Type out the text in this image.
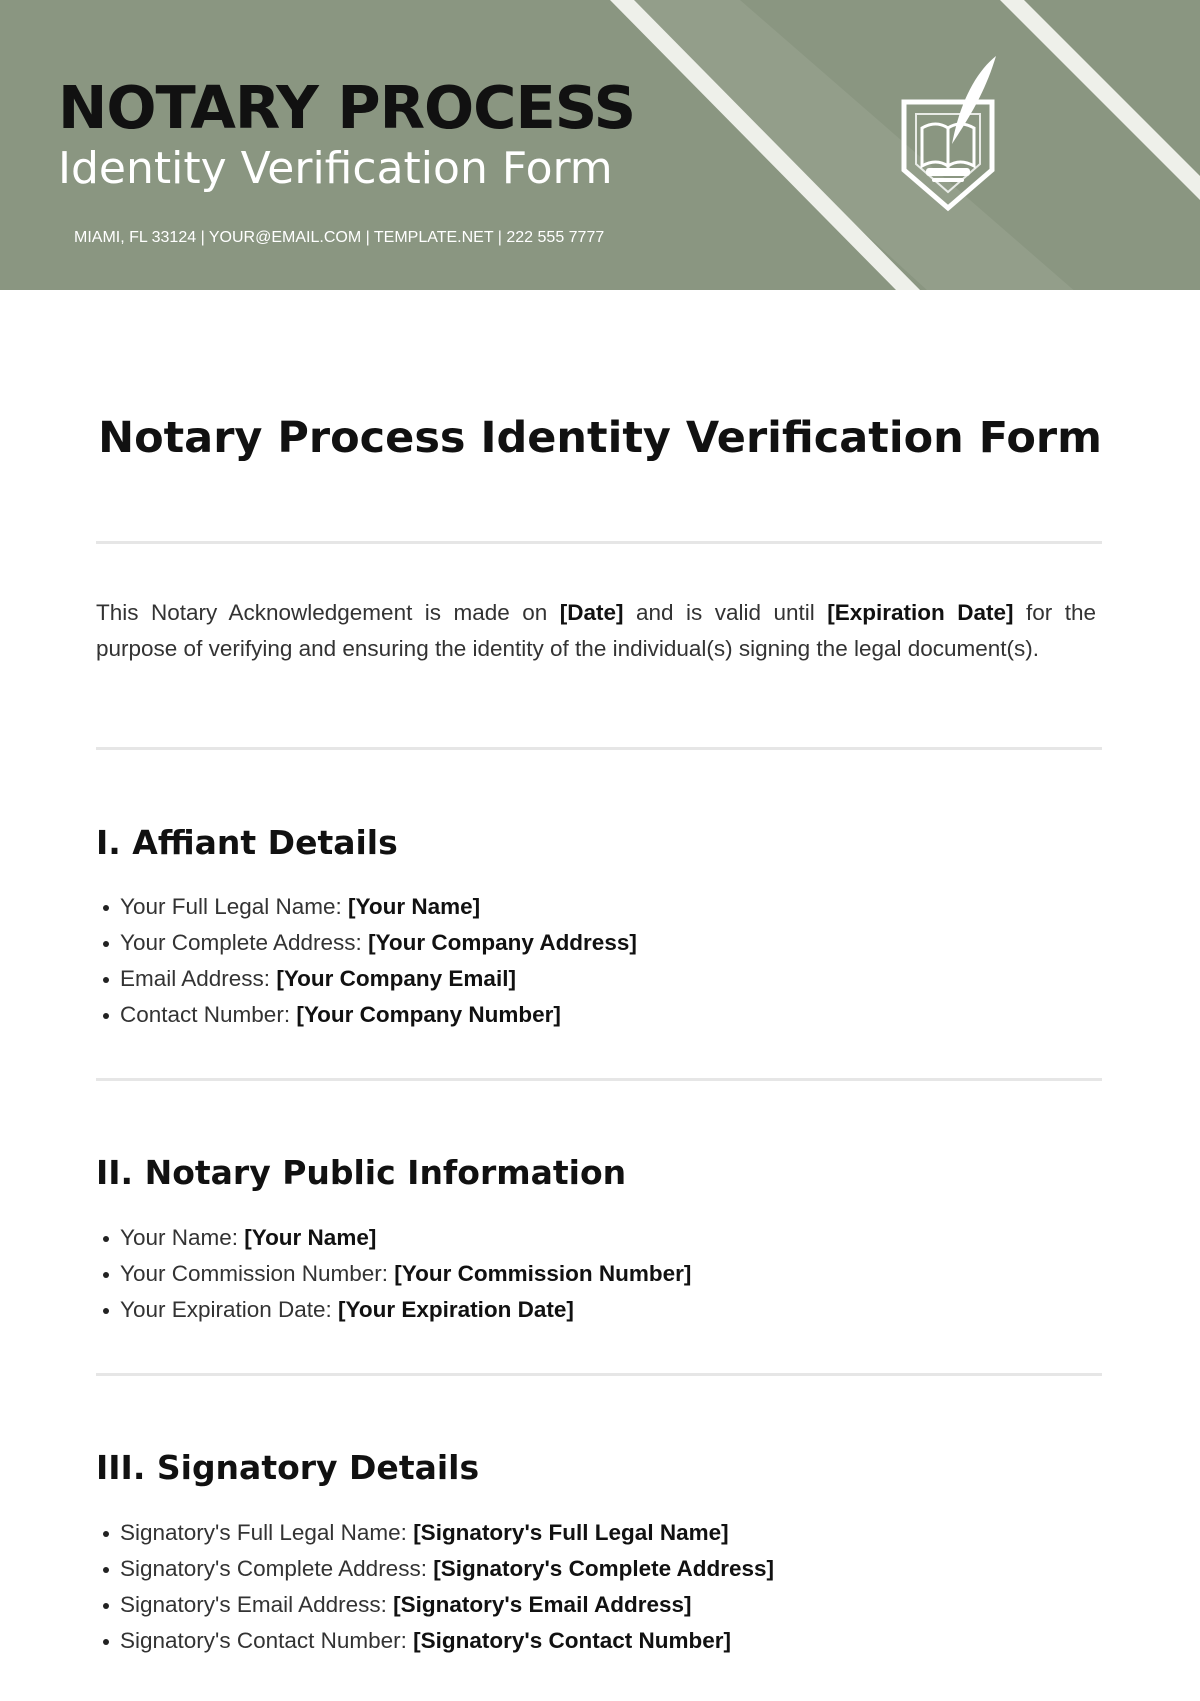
NOTARY PROCESS
Identity Verification Form
MIAMI, FL 33124 | YOUR@EMAIL.COM | TEMPLATE.NET | 222 555 7777
Notary Process Identity Verification Form

This Notary Acknowledgement is made on [Date] and is valid until [Expiration Date] for the purpose of verifying and ensuring the identity of the individual(s) signing the legal document(s).

I. Affiant Details
Your Full Legal Name: [Your Name]
Your Complete Address: [Your Company Address]
Email Address: [Your Company Email]
Contact Number: [Your Company Number]
II. Notary Public Information
Your Name: [Your Name]
Your Commission Number: [Your Commission Number]
Your Expiration Date: [Your Expiration Date]
III. Signatory Details
Signatory's Full Legal Name: [Signatory's Full Legal Name]
Signatory's Complete Address: [Signatory's Complete Address]
Signatory's Email Address: [Signatory's Email Address]
Signatory's Contact Number: [Signatory's Contact Number]
